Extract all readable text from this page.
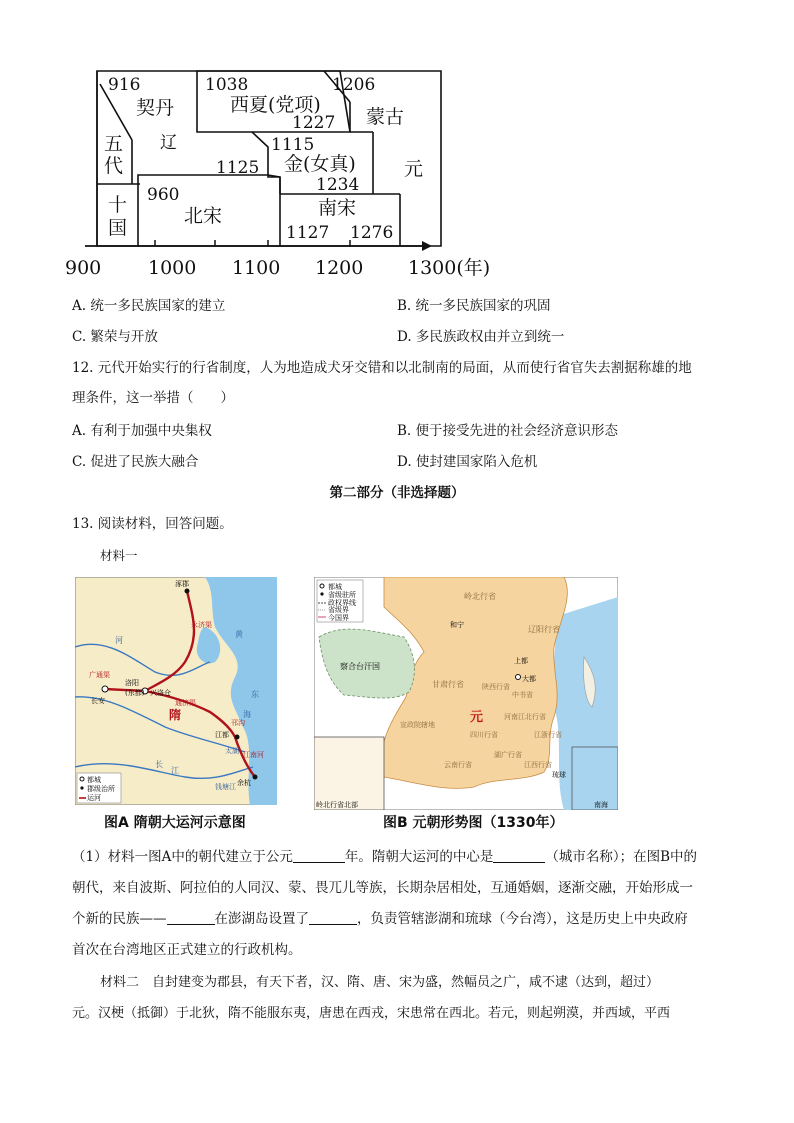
916
契丹
辽
1038
西夏(党项)
1227
1206
蒙古
五
代
十
国
1115
金(女真)
1234
1125	元
960
北宋	南宋
1127 1276
900 1000 1100 1200 1300(年)
A. 统一多民族国家的建立	B. 统一多民族国家的巩固
C. 繁荣与开放	D. 多民族政权由并立到统一
12. 元代开始实行的行省制度，人为地造成犬牙交错和以北制南的局面，从而使行省官失去割据称雄的地
理条件，这一举措（　　）
A. 有利于加强中央集权	B. 便于接受先进的社会经济意识形态
C. 促进了民族大融合	D. 使封建国家陷入危机
第二部分（非选择题）
13. 阅读材料，回答问题。
材料一
涿郡
洛阳
(东都) 兴洛仓
长安
隋
江都
余杭
广通渠
黄
海
东
永济渠
通济渠
邗沟
江南河
太湖
钱塘江
长
江
河
都城
郡级治所
运河
都城
省级驻所
政权界线
省级界
今国界
元
大都
上都
和宁
察合台汗国
岭北行省
辽阳行省
甘肃行省	陕西行省
中书省
河南江北行省
四川行省
云南行省
湖广行省
江浙行省
江西行省
宣政院辖地
琉球
南海
岭北行省北部
图A 隋朝大运河示意图	图B 元朝形势图（1330年）
（1）材料一图A中的朝代建立于公元	年。隋朝大运河的中心是	（城市名称）；在图B中的
朝代，来自波斯、阿拉伯的人同汉、蒙、畏兀儿等族，长期杂居相处，互通婚姻，逐渐交融，开始形成一
个新的民族——	在澎湖岛设置了	，负责管辖澎湖和琉球（今台湾），这是历史上中央政府
首次在台湾地区正式建立的行政机构。
材料二　自封建变为郡县，有天下者，汉、隋、唐、宋为盛，然幅员之广，咸不逮（达到，超过）
元。汉梗（抵御）于北狄，隋不能服东夷，唐患在西戎，宋患常在西北。若元，则起朔漠，并西域，平西
